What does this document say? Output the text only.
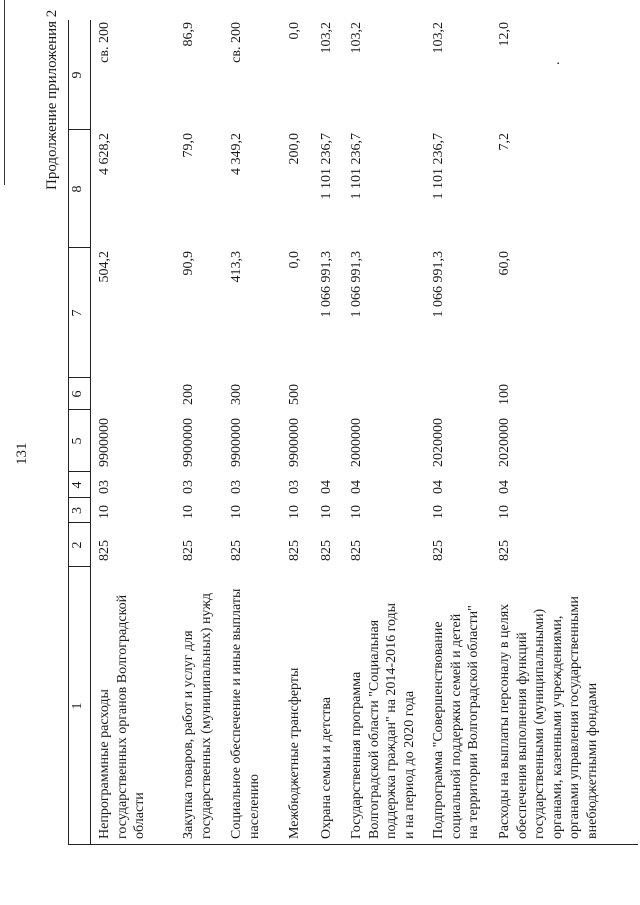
131
Продолжение приложения 2
1
2
3
4
5
6
7
8
9
Непрограммные расходы государственных органов Волгоградской области
825
10
03
9900000
504,2
4 628,2
св. 200
Закупка товаров, работ и услуг для государственных (муниципальных) нужд
825
10
03
9900000
200
90,9
79,0
86,9
Социальное обеспечение и иные выплаты населению
825
10
03
9900000
300
413,3
4 349,2
св. 200
Межбюджетные трансферты
825
10
03
9900000
500
0,0
200,0
0,0
Охрана семьи и детства
825
10
04
1 066 991,3
1 101 236,7
103,2
Государственная программа Волгоградской области "Социальная поддержка граждан" на 2014-2016 годы и на период до 2020 года
825
10
04
2000000
1 066 991,3
1 101 236,7
103,2
Подпрограмма "Совершенствование социальной поддержки семей и детей на территории Волгоградской области"
825
10
04
2020000
1 066 991,3
1 101 236,7
103,2
Расходы на выплаты персоналу в целях обеспечения выполнения функций государственными (муниципальными) органами, казенными учреждениями, органами управления государственными внебюджетными фондами
825
10
04
2020000
100
60,0
7,2
12,0
.
